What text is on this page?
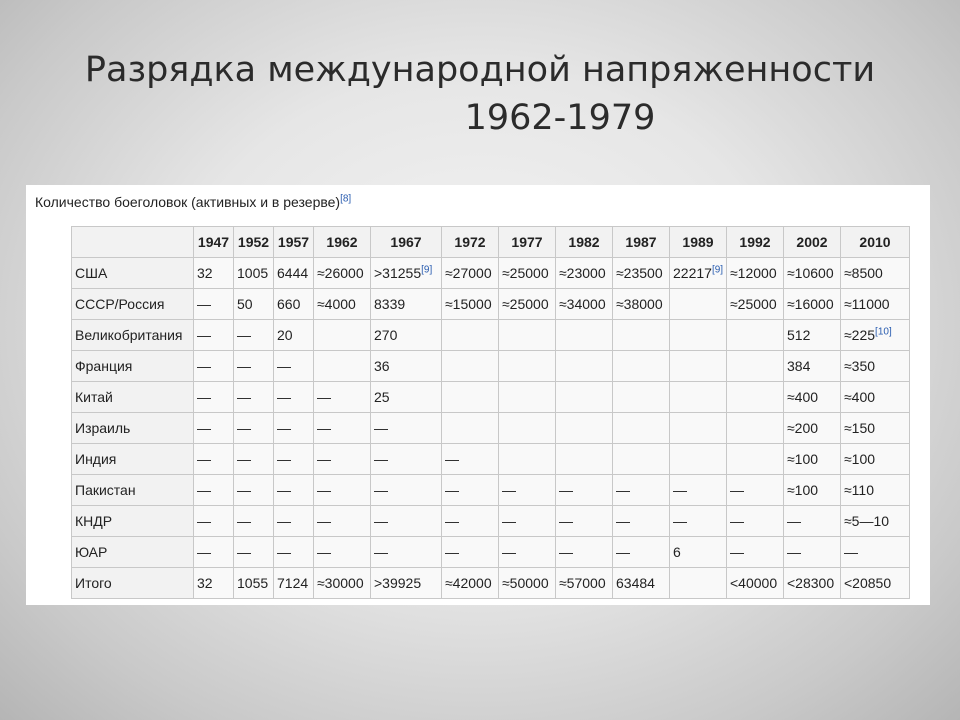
Разрядка международной напряженности
1962-1979
Количество боеголовок (активных и в резерве)[8]
	1947	1952	1957	1962	1967	1972	1977	1982	1987	1989	1992	2002	2010
США	32	1005	6444	≈26000	>31255[9]	≈27000	≈25000	≈23000	≈23500	22217[9]	≈12000	≈10600	≈8500
СССР/Россия	—	50	660	≈4000	8339	≈15000	≈25000	≈34000	≈38000		≈25000	≈16000	≈11000
Великобритания	—	—	20		270							512	≈225[10]
Франция	—	—	—		36							384	≈350
Китай	—	—	—	—	25							≈400	≈400
Израиль	—	—	—	—	—							≈200	≈150
Индия	—	—	—	—	—	—						≈100	≈100
Пакистан	—	—	—	—	—	—	—	—	—	—	—	≈100	≈110
КНДР	—	—	—	—	—	—	—	—	—	—	—	—	≈5—10
ЮАР	—	—	—	—	—	—	—	—	—	6	—	—	—
Итого	32	1055	7124	≈30000	>39925	≈42000	≈50000	≈57000	63484		<40000	<28300	<20850
